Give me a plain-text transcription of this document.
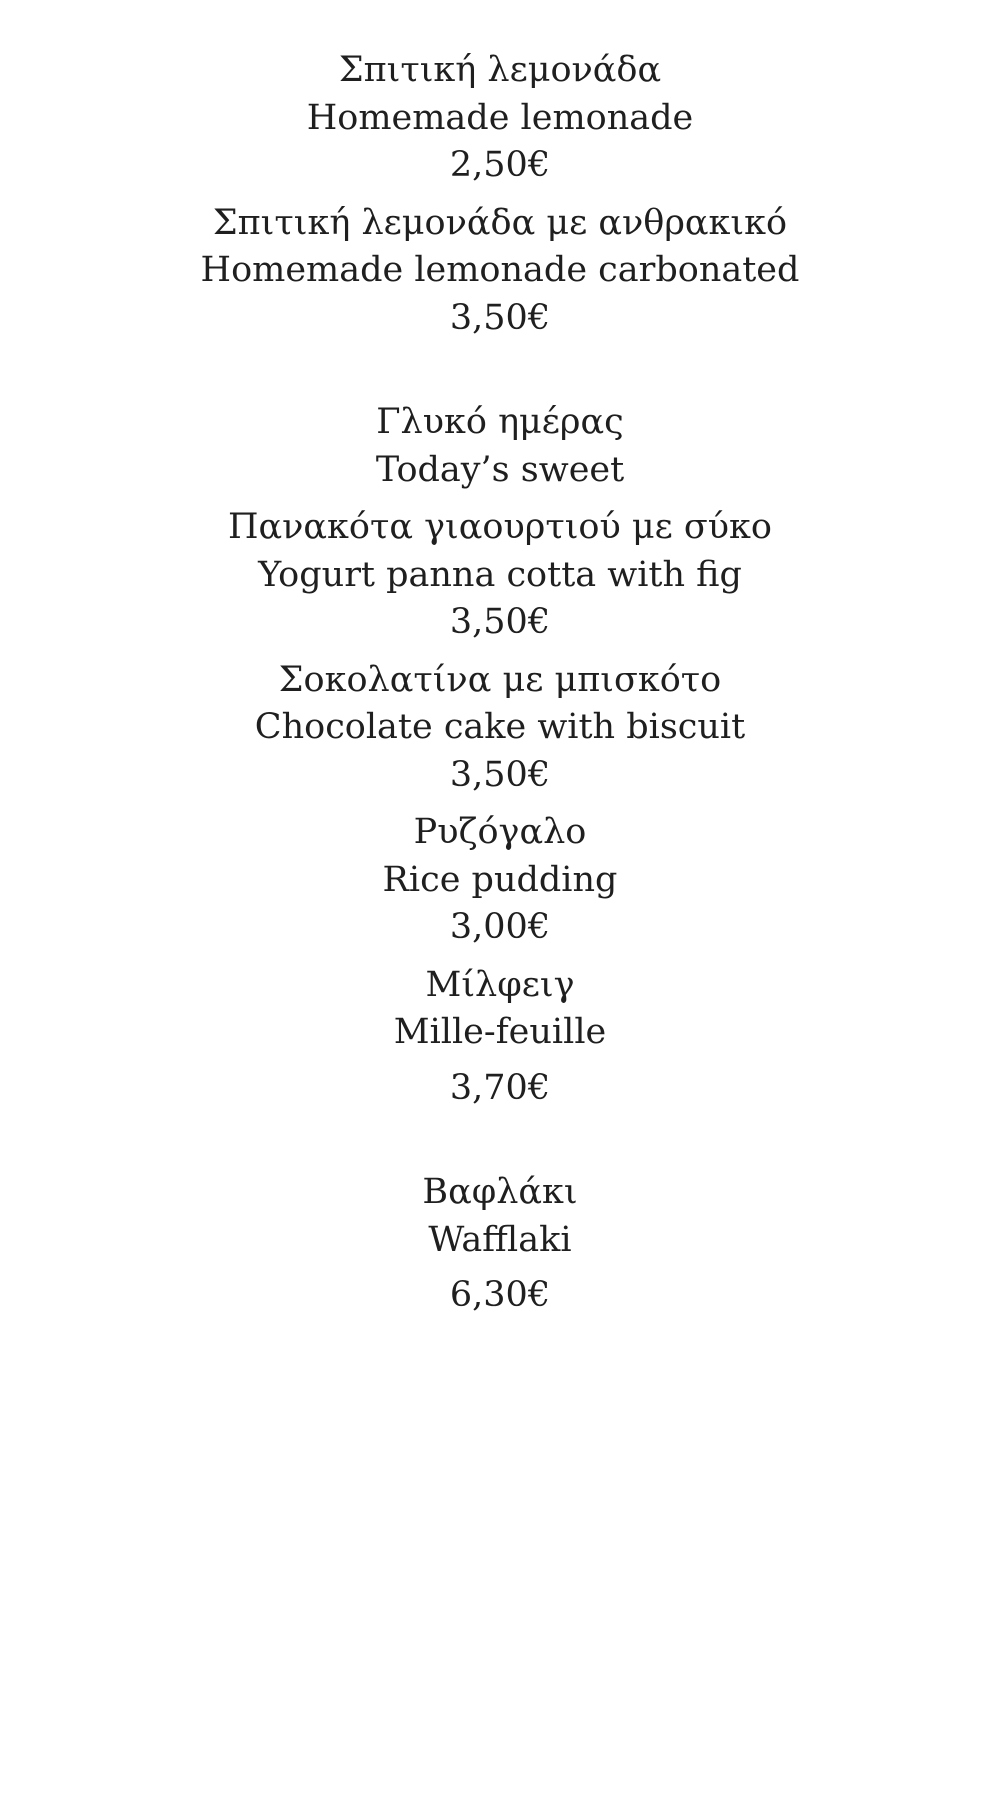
Σπιτική λεμονάδα
Homemade lemonade
2,50€
Σπιτική λεμονάδα με ανθρακικό
Homemade lemonade carbonated
3,50€
Γλυκό ημέρας
Today’s sweet
Πανακότα γιαουρτιού με σύκο
Yogurt panna cotta with fig
3,50€
Σοκολατίνα με μπισκότο
Chocolate cake with biscuit
3,50€
Ρυζόγαλο
Rice pudding
3,00€
Μίλφειγ
Mille-feuille
3,70€
Βαφλάκι
Wafflaki
6,30€
